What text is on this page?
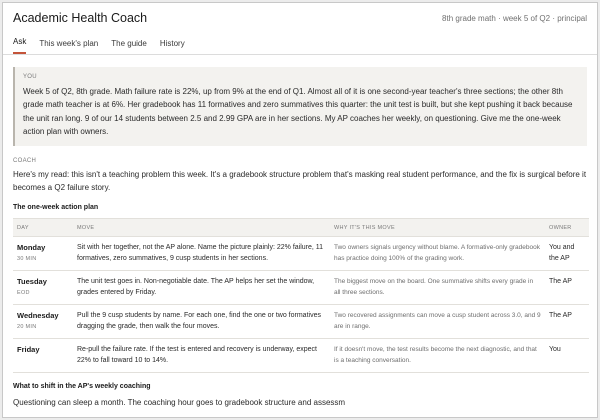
Academic Health Coach	8th grade math · week 5 of Q2 · principal
Ask This week's plan The guide History
YOU
Week 5 of Q2, 8th grade. Math failure rate is 22%, up from 9% at the end of Q1. Almost all of it is one second-year teacher's three sections; the other 8th grade math teacher is at 6%. Her gradebook has 11 formatives and zero summatives this quarter: the unit test is built, but she kept pushing it back because the unit ran long. 9 of our 14 students between 2.5 and 2.99 GPA are in her sections. My AP coaches her weekly, on questioning. Give me the one-week action plan with owners.
COACH
Here's my read: this isn't a teaching problem this week. It's a gradebook structure problem that's masking real student performance, and the fix is surgical before it becomes a Q2 failure story.
The one-week action plan
DAY	MOVE	WHY IT'S THIS MOVE	OWNER

Monday
30 MIN	Sit with her together, not the AP alone. Name the picture plainly: 22% failure, 11 formatives, zero summatives, 9 cusp students in her sections.	Two owners signals urgency without blame. A formative-only gradebook has practice doing 100% of the grading work.	You and the AP

Tuesday
EOD	The unit test goes in. Non-negotiable date. The AP helps her set the window, grades entered by Friday.	The biggest move on the board. One summative shifts every grade in all three sections.	The AP

Wednesday
20 MIN	Pull the 9 cusp students by name. For each one, find the one or two formatives dragging the grade, then walk the four moves.	Two recovered assignments can move a cusp student across 3.0, and 9 are in range.	The AP

Friday	Re-pull the failure rate. If the test is entered and recovery is underway, expect 22% to fall toward 10 to 14%.	If it doesn't move, the test results become the next diagnostic, and that is a teaching conversation.	You
What to shift in the AP's weekly coaching
Questioning can sleep a month. The coaching hour goes to gradebook structure and assessm
